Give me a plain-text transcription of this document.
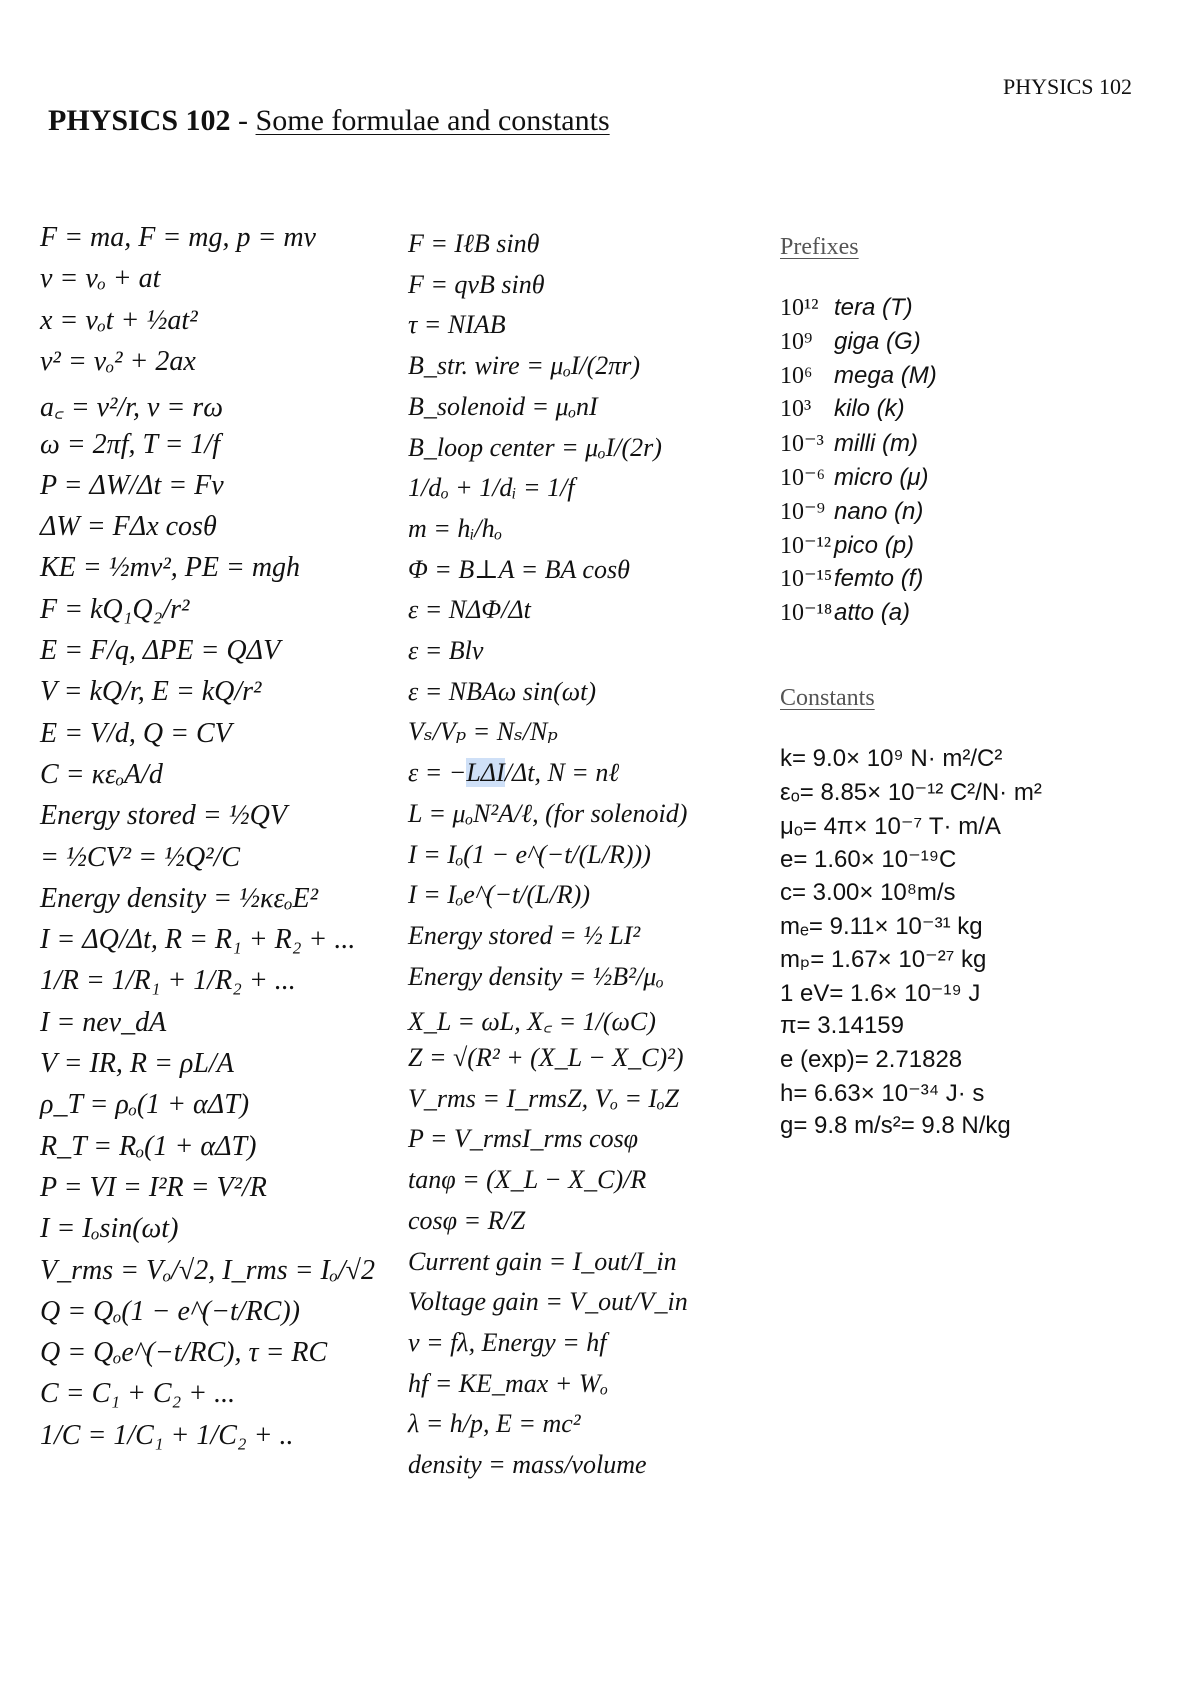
PHYSICS 102
PHYSICS 102 - Some formulae and constants
F = ma, F = mg, p = mv
v = vₒ + at
x = vₒt + ½at²
v² = vₒ² + 2ax
a꜀ = v²/r, v = rω
ω = 2πf, T = 1/f
P = ΔW/Δt = Fv
ΔW = FΔx cosθ
KE = ½mv², PE = mgh
F = kQ₁Q₂/r²
E = F/q, ΔPE = QΔV
V = kQ/r, E = kQ/r²
E = V/d, Q = CV
C = κεₒA/d
Energy stored = ½QV
= ½CV² = ½Q²/C
Energy density = ½κεₒE²
I = ΔQ/Δt, R = R₁ + R₂ + ...
1/R = 1/R₁ + 1/R₂ + ...
I = nev_dA
V = IR, R = ρL/A
ρ_T = ρₒ(1 + αΔT)
R_T = Rₒ(1 + αΔT)
P = VI = I²R = V²/R
I = Iₒsin(ωt)
V_rms = Vₒ/√2, I_rms = Iₒ/√2
Q = Qₒ(1 − e^(−t/RC))
Q = Qₒe^(−t/RC), τ = RC
C = C₁ + C₂ + ...
1/C = 1/C₁ + 1/C₂ + ..
F = IℓB sinθ
F = qvB sinθ
τ = NIAB
B_str. wire = μₒI/(2πr)
B_solenoid = μₒnI
B_loop center = μₒI/(2r)
1/dₒ + 1/dᵢ = 1/f
m = hᵢ/hₒ
Φ = B⊥A = BA cosθ
ε = NΔΦ/Δt
ε = Blv
ε = NBAω sin(ωt)
Vₛ/Vₚ = Nₛ/Nₚ
ε = −LΔI/Δt, N = nℓ
L = μₒN²A/ℓ, (for solenoid)
I = Iₒ(1 − e^(−t/(L/R)))
I = Iₒe^(−t/(L/R))
Energy stored = ½ LI²
Energy density = ½B²/μₒ
X_L = ωL, X꜀ = 1/(ωC)
Z = √(R² + (X_L − X_C)²)
V_rms = I_rmsZ, Vₒ = IₒZ
P = V_rmsI_rms cosφ
tanφ = (X_L − X_C)/R
cosφ = R/Z
Current gain = I_out/I_in
Voltage gain = V_out/V_in
v = fλ, Energy = hf
hf = KE_max + Wₒ
λ = h/p, E = mc²
density = mass/volume
Prefixes
10¹² tera (T)
10⁹ giga (G)
10⁶ mega (M)
10³ kilo (k)
10⁻³ milli (m)
10⁻⁶ micro (μ)
10⁻⁹ nano (n)
10⁻¹² pico (p)
10⁻¹⁵femto (f)
10⁻¹⁸atto (a)
Constants
k= 9.0× 10⁹ N· m²/C²
εₒ= 8.85× 10⁻¹² C²/N· m²
μₒ= 4π× 10⁻⁷ T· m/A
e= 1.60× 10⁻¹⁹C
c= 3.00× 10⁸m/s
mₑ= 9.11× 10⁻³¹ kg
mₚ= 1.67× 10⁻²⁷ kg
1 eV= 1.6× 10⁻¹⁹ J
π= 3.14159
e (exp)= 2.71828
h= 6.63× 10⁻³⁴ J· s
g= 9.8 m/s²= 9.8 N/kg
